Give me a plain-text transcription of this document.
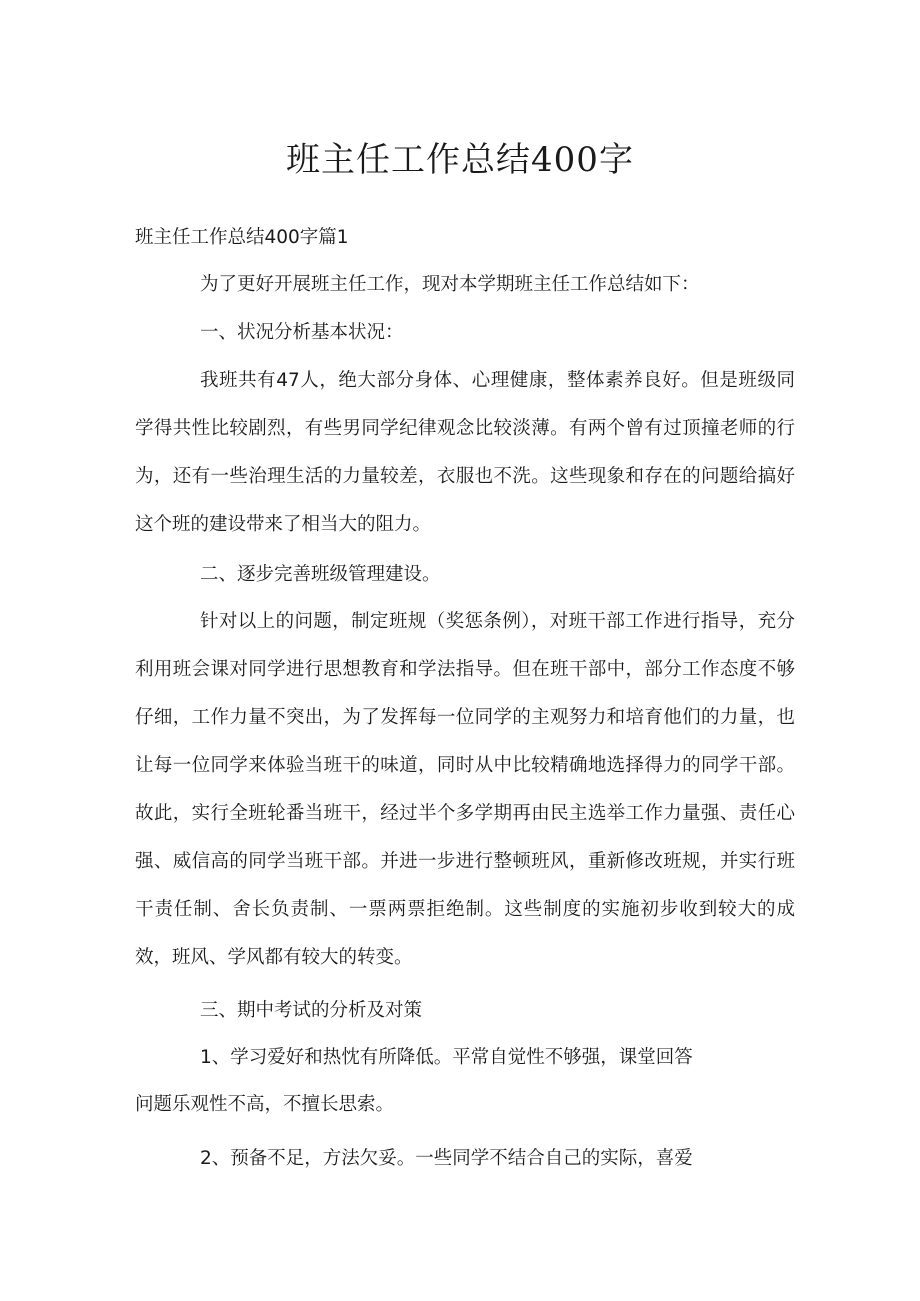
班主任工作总结400字
班主任工作总结400字篇1
为了更好开展班主任工作，现对本学期班主任工作总结如下：
一、状况分析基本状况：
我班共有47人，绝大部分身体、心理健康，整体素养良好。但是班级同学得共性比较剧烈，有些男同学纪律观念比较淡薄。有两个曾有过顶撞老师的行为，还有一些治理生活的力量较差，衣服也不洗。这些现象和存在的问题给搞好这个班的建设带来了相当大的阻力。
二、逐步完善班级管理建设。
针对以上的问题，制定班规（奖惩条例），对班干部工作进行指导，充分利用班会课对同学进行思想教育和学法指导。但在班干部中，部分工作态度不够仔细，工作力量不突出，为了发挥每一位同学的主观努力和培育他们的力量，也让每一位同学来体验当班干的味道，同时从中比较精确地选择得力的同学干部。故此，实行全班轮番当班干，经过半个多学期再由民主选举工作力量强、责任心强、威信高的同学当班干部。并进一步进行整顿班风，重新修改班规，并实行班干责任制、舍长负责制、一票两票拒绝制。这些制度的实施初步收到较大的成效，班风、学风都有较大的转变。
三、期中考试的分析及对策
1、学习爱好和热忱有所降低。平常自觉性不够强，课堂回答
问题乐观性不高，不擅长思索。
2、预备不足，方法欠妥。一些同学不结合自己的实际，喜爱
